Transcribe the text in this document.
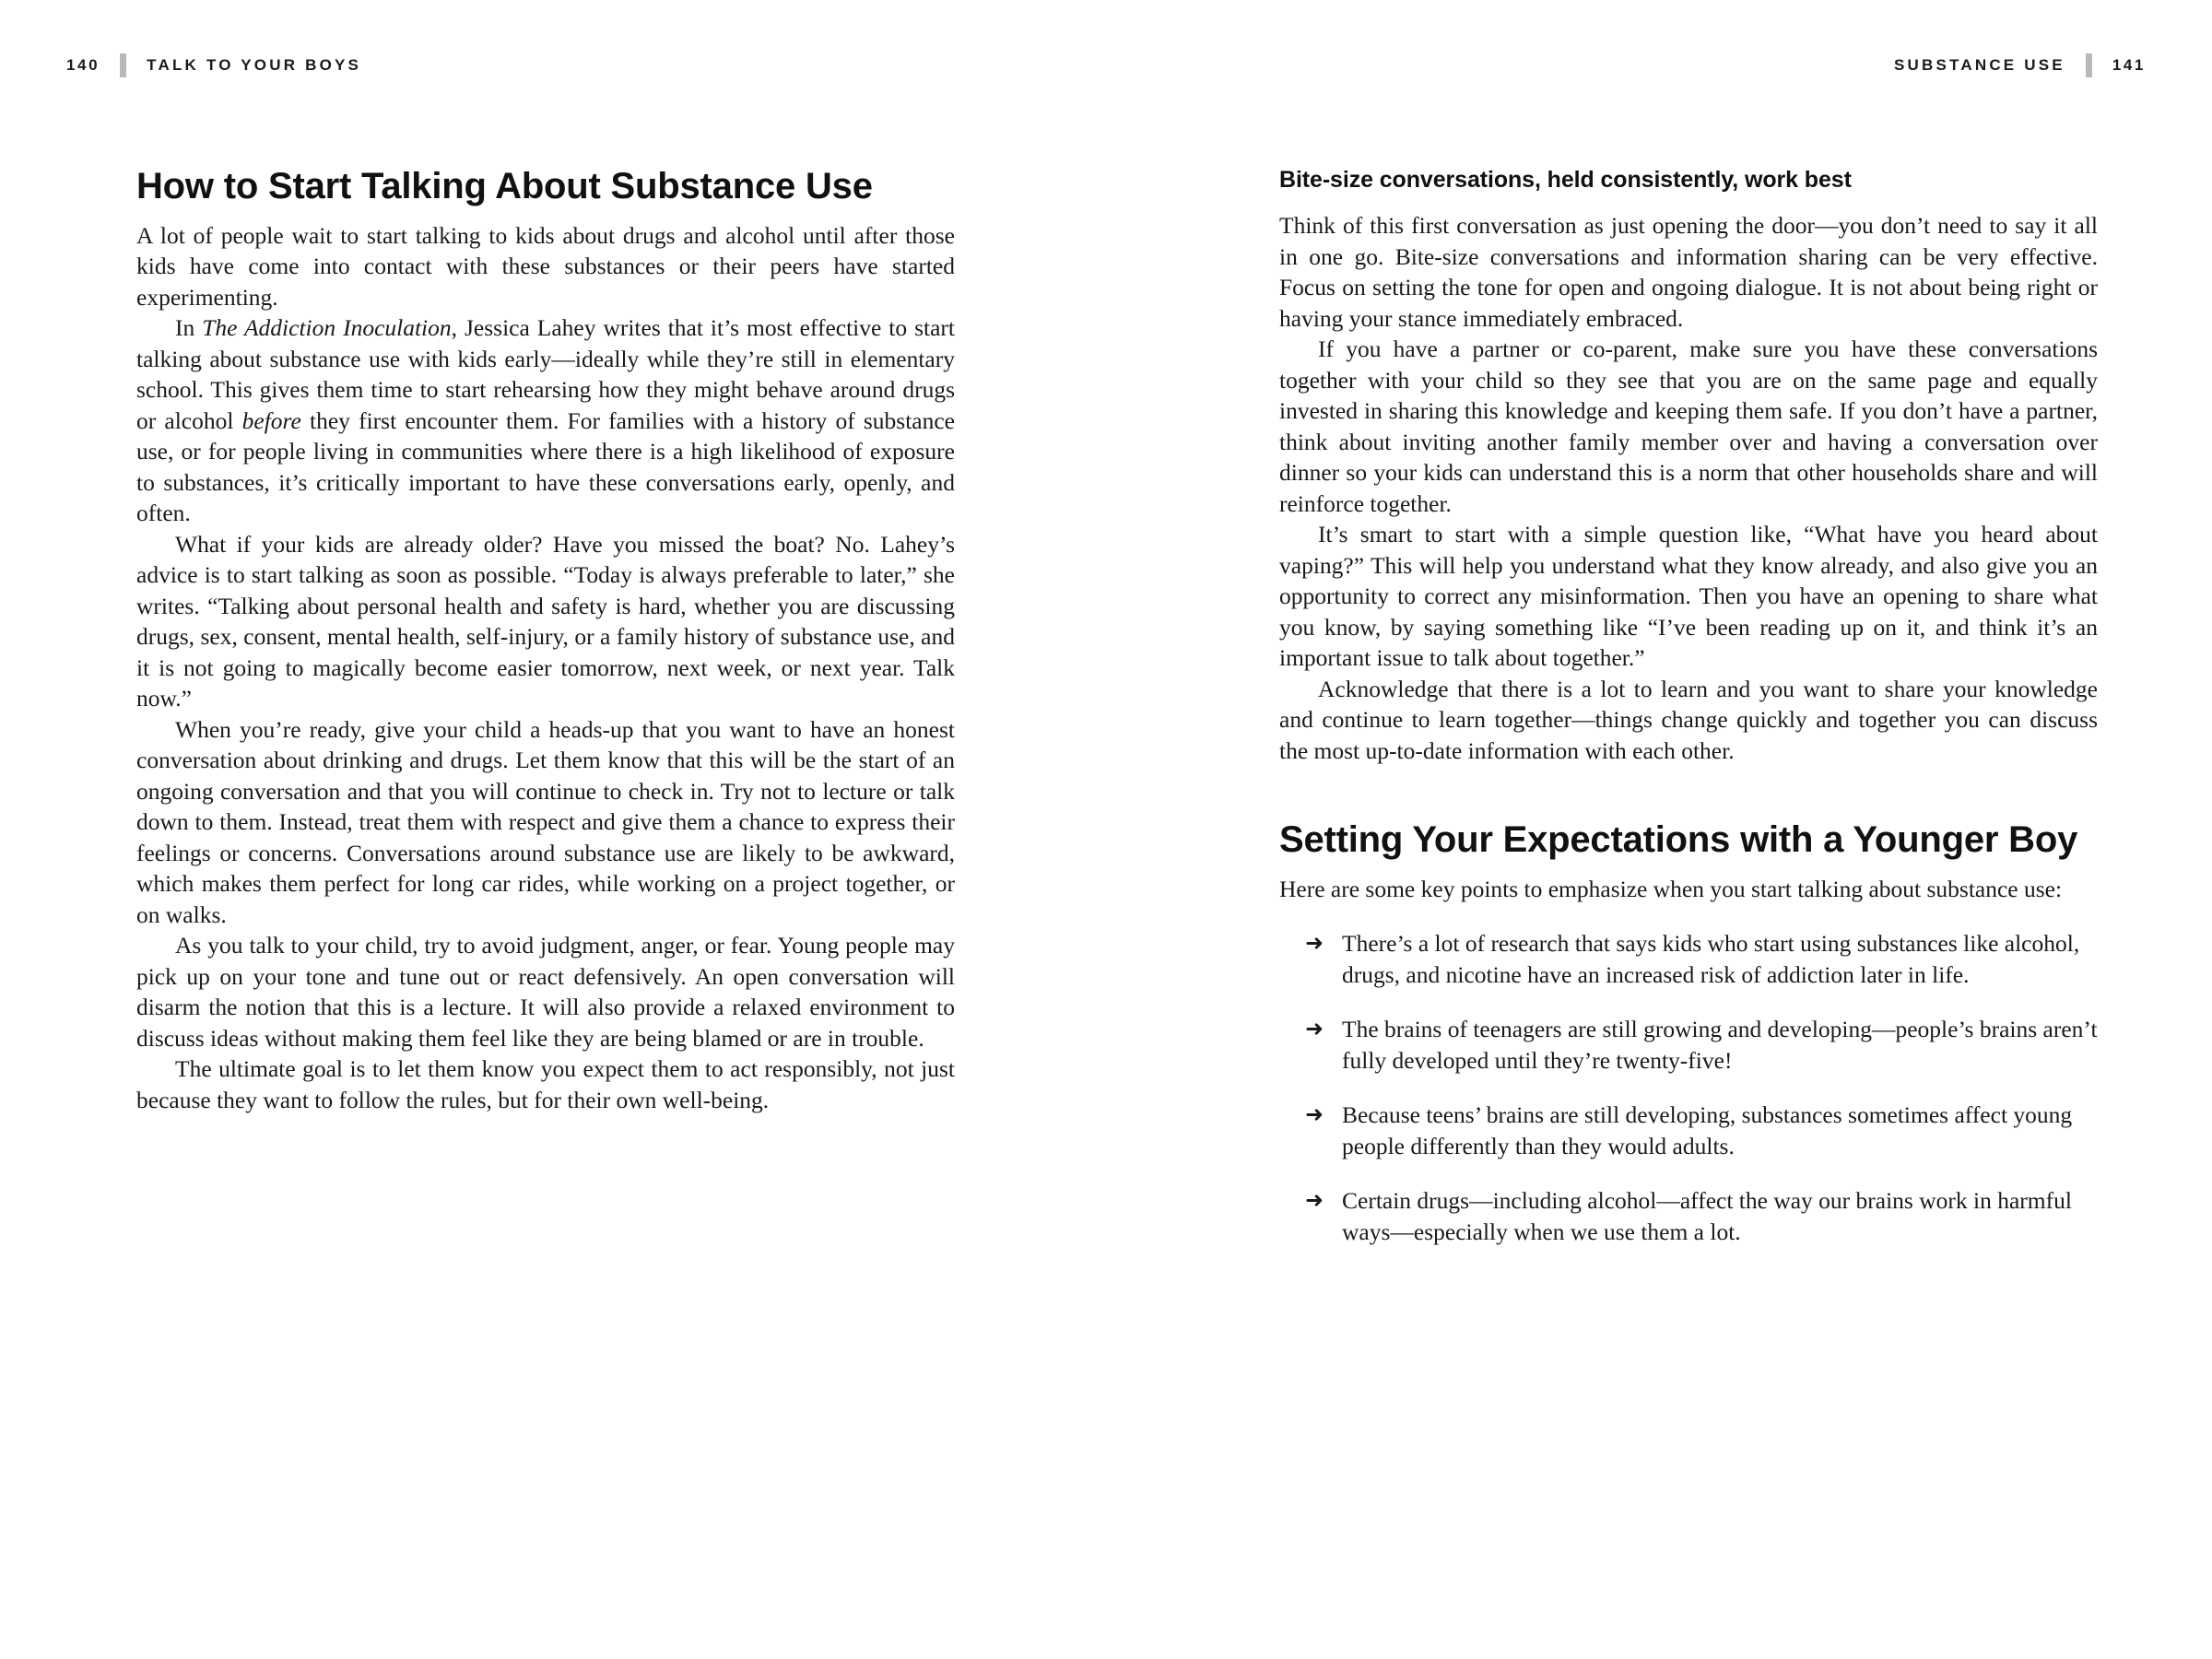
140	TALK TO YOUR BOYS	SUBSTANCE USE	141
How to Start Talking About Substance Use

A lot of people wait to start talking to kids about drugs and alcohol until after those kids have come into contact with these substances or their peers have started experimenting.

In The Addiction Inoculation, Jessica Lahey writes that it’s most effective to start talking about substance use with kids early—ideally while they’re still in elementary school. This gives them time to start rehearsing how they might behave around drugs or alcohol before they first encounter them. For families with a history of substance use, or for people living in communities where there is a high likelihood of exposure to substances, it’s critically important to have these conversations early, openly, and often.

What if your kids are already older? Have you missed the boat? No. Lahey’s advice is to start talking as soon as possible. “Today is always preferable to later,” she writes. “Talking about personal health and safety is hard, whether you are discussing drugs, sex, consent, mental health, self-injury, or a family history of substance use, and it is not going to magically become easier tomorrow, next week, or next year. Talk now.”

When you’re ready, give your child a heads-up that you want to have an honest conversation about drinking and drugs. Let them know that this will be the start of an ongoing conversation and that you will continue to check in. Try not to lecture or talk down to them. Instead, treat them with respect and give them a chance to express their feelings or concerns. Conversations around substance use are likely to be awkward, which makes them perfect for long car rides, while working on a project together, or on walks.

As you talk to your child, try to avoid judgment, anger, or fear. Young people may pick up on your tone and tune out or react defensively. An open conversation will disarm the notion that this is a lecture. It will also provide a relaxed environment to discuss ideas without making them feel like they are being blamed or are in trouble.

The ultimate goal is to let them know you expect them to act responsibly, not just because they want to follow the rules, but for their own well-being.

Bite-size conversations, held consistently, work best

Think of this first conversation as just opening the door—you don’t need to say it all in one go. Bite-size conversations and information sharing can be very effective. Focus on setting the tone for open and ongoing dialogue. It is not about being right or having your stance immediately embraced.

If you have a partner or co-parent, make sure you have these conversations together with your child so they see that you are on the same page and equally invested in sharing this knowledge and keeping them safe. If you don’t have a partner, think about inviting another family member over and having a conversation over dinner so your kids can understand this is a norm that other households share and will reinforce together.

It’s smart to start with a simple question like, “What have you heard about vaping?” This will help you understand what they know already, and also give you an opportunity to correct any misinformation. Then you have an opening to share what you know, by saying something like “I’ve been reading up on it, and think it’s an important issue to talk about together.”

Acknowledge that there is a lot to learn and you want to share your knowledge and continue to learn together—things change quickly and together you can discuss the most up-to-date information with each other.

Setting Your Expectations with a Younger Boy

Here are some key points to emphasize when you start talking about substance use:

➜ There’s a lot of research that says kids who start using substances like alcohol, drugs, and nicotine have an increased risk of addiction later in life.
➜ The brains of teenagers are still growing and developing—people’s brains aren’t fully developed until they’re twenty-five!
➜ Because teens’ brains are still developing, substances sometimes affect young people differently than they would adults.
➜ Certain drugs—including alcohol—affect the way our brains work in harmful ways—especially when we use them a lot.
